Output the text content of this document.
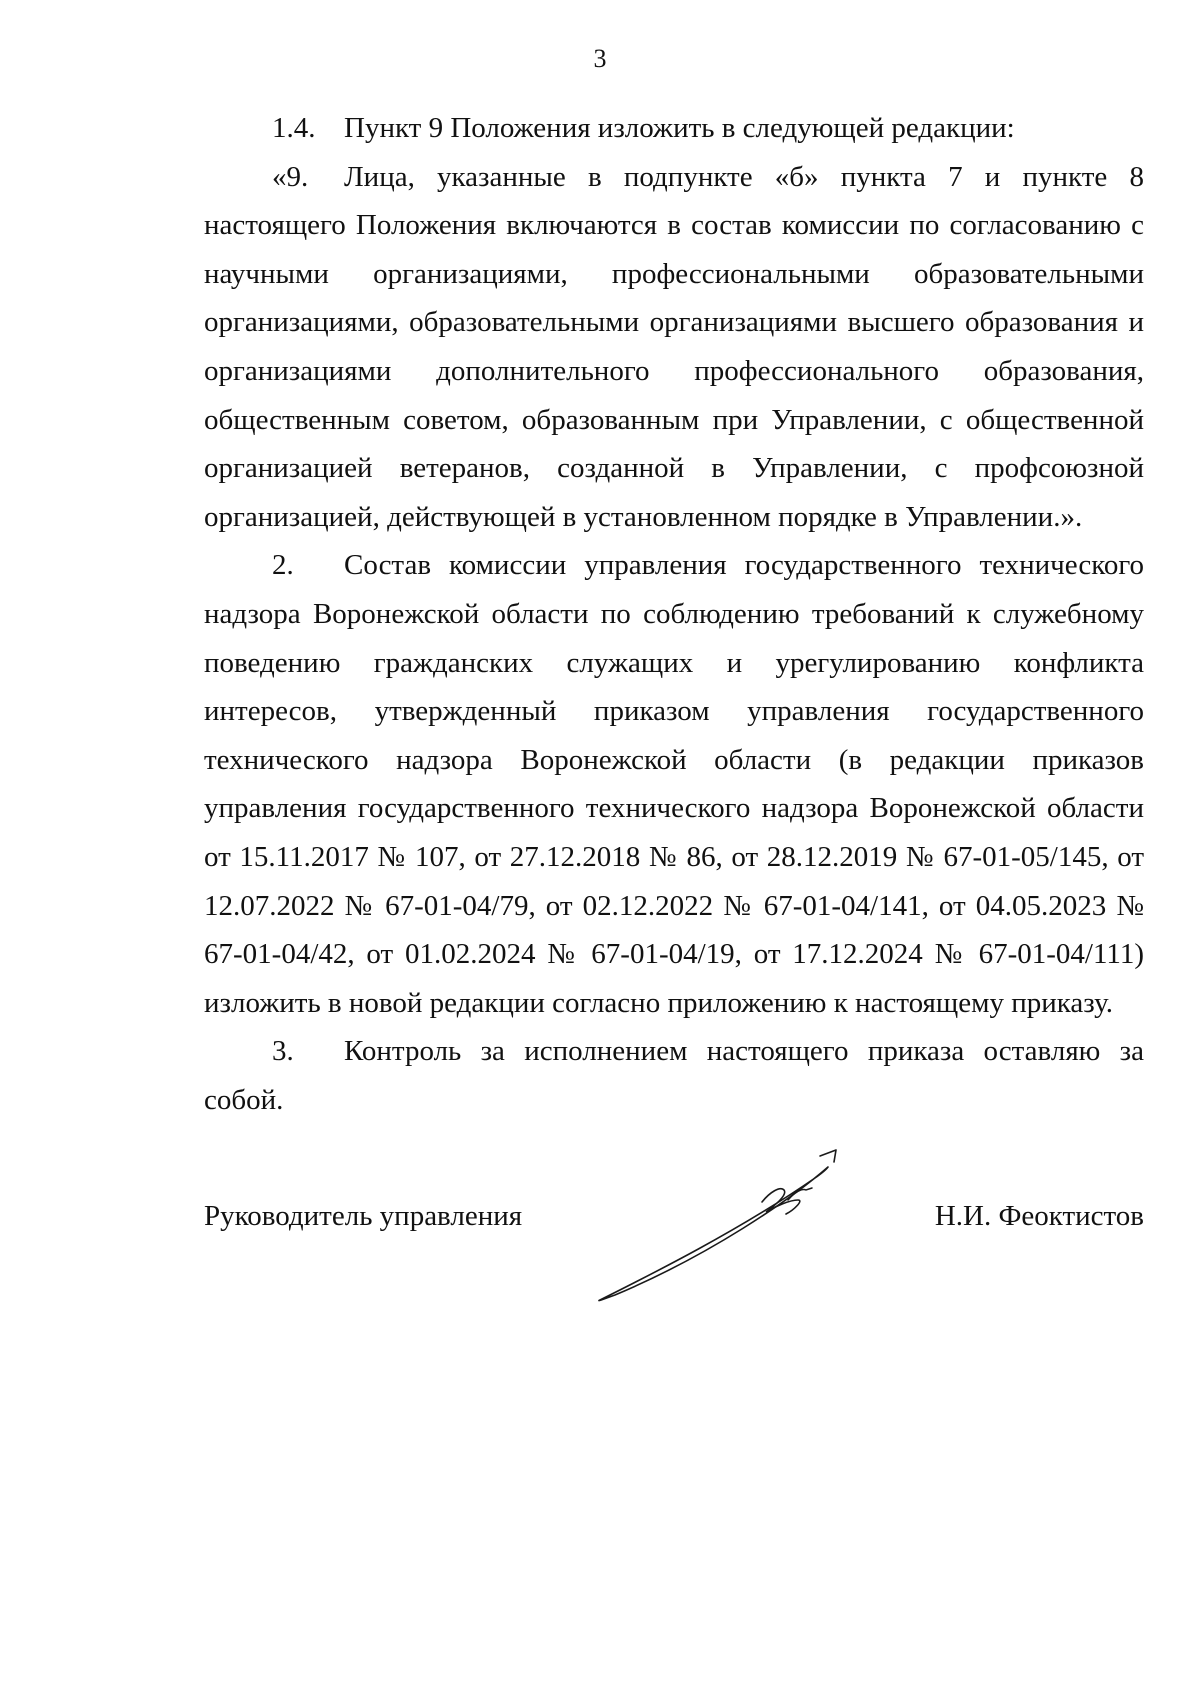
3

1.4. Пункт 9 Положения изложить в следующей редакции:

«9. Лица, указанные в подпункте «б» пункта 7 и пункте 8 настоящего Положения включаются в состав комиссии по согласованию с научными организациями, профессиональными образовательными организациями, образовательными организациями высшего образования и организациями дополнительного профессионального образования, общественным советом, образованным при Управлении, с общественной организацией ветеранов, созданной в Управлении, с профсоюзной организацией, действующей в установленном порядке в Управлении.».

2. Состав комиссии управления государственного технического надзора Воронежской области по соблюдению требований к служебному поведению гражданских служащих и урегулированию конфликта интересов, утвержденный приказом управления государственного технического надзора Воронежской области (в редакции приказов управления государственного технического надзора Воронежской области от 15.11.2017 № 107, от 27.12.2018 № 86, от 28.12.2019 № 67-01-05/145, от 12.07.2022 № 67-01-04/79, от 02.12.2022 № 67-01-04/141, от 04.05.2023 № 67-01-04/42, от 01.02.2024 № 67-01-04/19, от 17.12.2024 № 67-01-04/111) изложить в новой редакции согласно приложению к настоящему приказу.

3. Контроль за исполнением настоящего приказа оставляю за собой.

Руководитель управления	Н.И. Феоктистов
